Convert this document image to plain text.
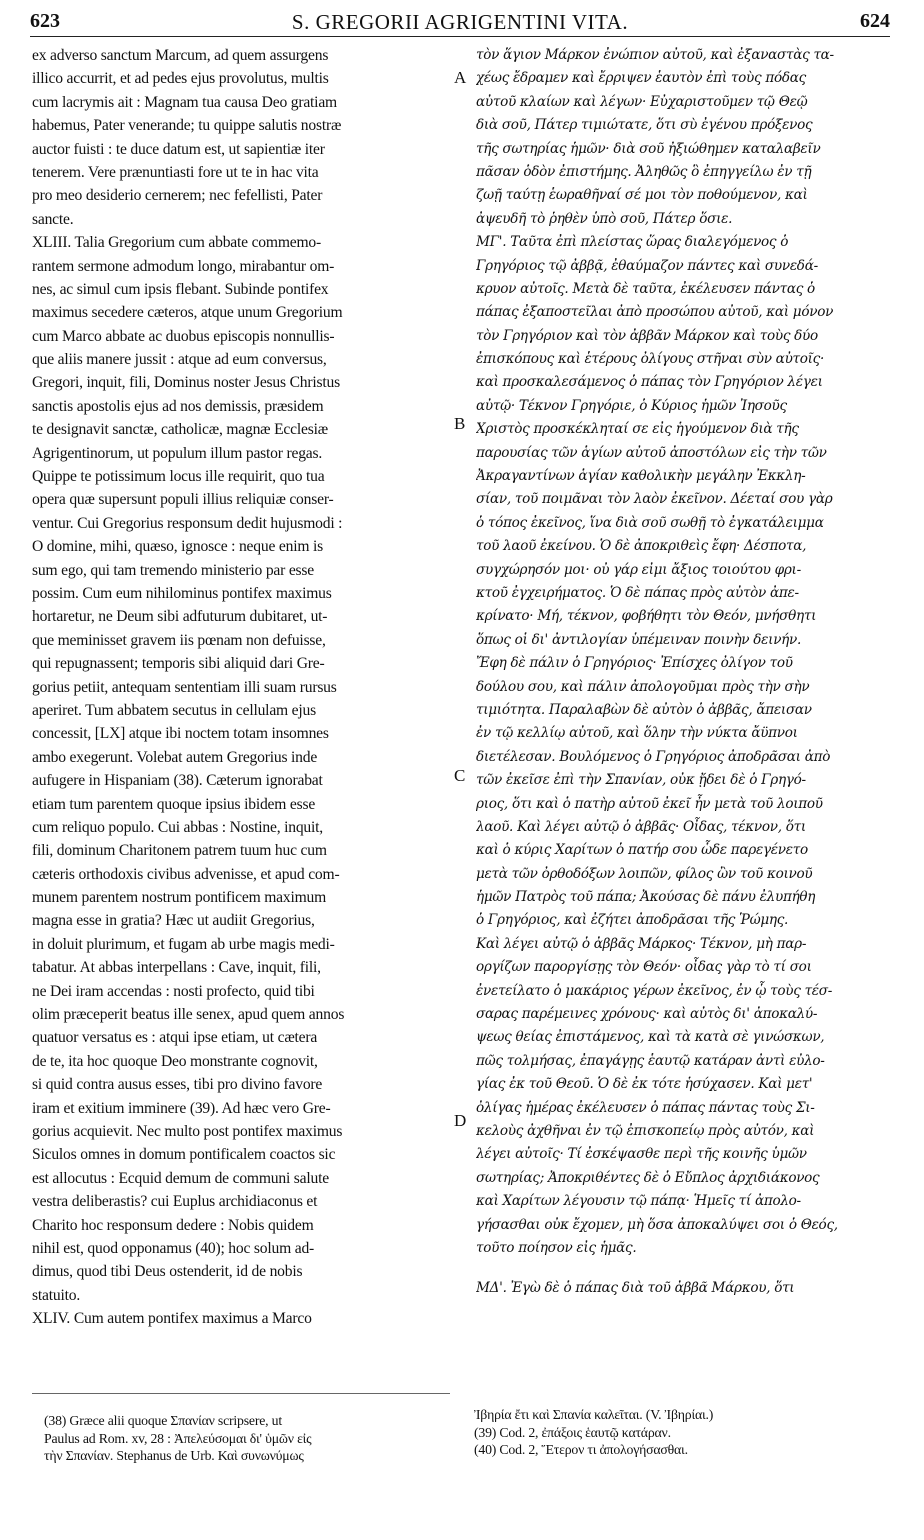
623	S. GREGORII AGRIGENTINI VITA.	624
ex adverso sanctum Marcum, ad quem assurgens
illico accurrit, et ad pedes ejus provolutus, multis
cum lacrymis ait : Magnam tua causa Deo gratiam
habemus, Pater venerande; tu quippe salutis nostræ
auctor fuisti : te duce datum est, ut sapientiæ iter
tenerem. Vere prænuntiasti fore ut te in hac vita
pro meo desiderio cernerem; nec fefellisti, Pater
sancte.
XLIII. Talia Gregorium cum abbate commemo-
rantem sermone admodum longo, mirabantur om-
nes, ac simul cum ipsis flebant. Subinde pontifex
maximus secedere cæteros, atque unum Gregorium
cum Marco abbate ac duobus episcopis nonnullis-
que aliis manere jussit : atque ad eum conversus,
Gregori, inquit, fili, Dominus noster Jesus Christus
sanctis apostolis ejus ad nos demissis, præsidem
te designavit sanctæ, catholicæ, magnæ Ecclesiæ
Agrigentinorum, ut populum illum pastor regas.
Quippe te potissimum locus ille requirit, quo tua
opera quæ supersunt populi illius reliquiæ conser-
ventur. Cui Gregorius responsum dedit hujusmodi :
O domine, mihi, quæso, ignosce : neque enim is
sum ego, qui tam tremendo ministerio par esse
possim. Cum eum nihilominus pontifex maximus
hortaretur, ne Deum sibi adfuturum dubitaret, ut-
que meminisset gravem iis pœnam non defuisse,
qui repugnassent; temporis sibi aliquid dari Gre-
gorius petiit, antequam sententiam illi suam rursus
aperiret. Tum abbatem secutus in cellulam ejus
concessit, [LX] atque ibi noctem totam insomnes
ambo exegerunt. Volebat autem Gregorius inde
aufugere in Hispaniam (38). Cæterum ignorabat
etiam tum parentem quoque ipsius ibidem esse
cum reliquo populo. Cui abbas : Nostine, inquit,
fili, dominum Charitonem patrem tuum huc cum
cæteris orthodoxis civibus advenisse, et apud com-
munem parentem nostrum pontificem maximum
magna esse in gratia? Hæc ut audiit Gregorius,
in doluit plurimum, et fugam ab urbe magis medi-
tabatur. At abbas interpellans : Cave, inquit, fili,
ne Dei iram accendas : nosti profecto, quid tibi
olim præceperit beatus ille senex, apud quem annos
quatuor versatus es : atqui ipse etiam, ut cætera
de te, ita hoc quoque Deo monstrante cognovit,
si quid contra ausus esses, tibi pro divino favore
iram et exitium imminere (39). Ad hæc vero Gre-
gorius acquievit. Nec multo post pontifex maximus
Siculos omnes in domum pontificalem coactos sic
est allocutus : Ecquid demum de communi salute
vestra deliberastis? cui Euplus archidiaconus et
Charito hoc responsum dedere : Nobis quidem
nihil est, quod opponamus (40); hoc solum ad-
dimus, quod tibi Deus ostenderit, id de nobis
statuito.
XLIV. Cum autem pontifex maximus a Marco
τὸν ἅγιον Μάρκον ἐνώπιον αὐτοῦ, καὶ ἐξαναστὰς τα-
χέως ἔδραμεν καὶ ἔρριψεν ἑαυτὸν ἐπὶ τοὺς πόδας
αὐτοῦ κλαίων καὶ λέγων· Εὐχαριστοῦμεν τῷ Θεῷ
διὰ σοῦ, Πάτερ τιμιώτατε, ὅτι σὺ ἐγένου πρόξενος
τῆς σωτηρίας ἡμῶν· διὰ σοῦ ἠξιώθημεν καταλαβεῖν
πᾶσαν ὁδὸν ἐπιστήμης. Ἀληθῶς ὃ ἐπηγγείλω ἐν τῇ
ζωῇ ταύτῃ ἑωραθῆναί σέ μοι τὸν ποθούμενον, καὶ
ἀψευδῆ τὸ ῥηθὲν ὑπὸ σοῦ, Πάτερ ὅσιε.
ΜΓ'. Ταῦτα ἐπὶ πλείστας ὥρας διαλεγόμενος ὁ
Γρηγόριος τῷ ἀββᾷ, ἐθαύμαζον πάντες καὶ συνεδά-
κρυον αὐτοῖς. Μετὰ δὲ ταῦτα, ἐκέλευσεν πάντας ὁ
πάπας ἐξαποστεῖλαι ἀπὸ προσώπου αὐτοῦ, καὶ μόνον
τὸν Γρηγόριον καὶ τὸν ἀββᾶν Μάρκον καὶ τοὺς δύο
ἐπισκόπους καὶ ἑτέρους ὀλίγους στῆναι σὺν αὐτοῖς·
καὶ προσκαλεσάμενος ὁ πάπας τὸν Γρηγόριον λέγει
αὐτῷ· Τέκνον Γρηγόριε, ὁ Κύριος ἡμῶν Ἰησοῦς
Χριστὸς προσκέκληταί σε εἰς ἡγούμενον διὰ τῆς
παρουσίας τῶν ἁγίων αὐτοῦ ἀποστόλων εἰς τὴν τῶν
Ἀκραγαντίνων ἁγίαν καθολικὴν μεγάλην Ἐκκλη-
σίαν, τοῦ ποιμᾶναι τὸν λαὸν ἐκεῖνον. Δέεταί σου γὰρ
ὁ τόπος ἐκεῖνος, ἵνα διὰ σοῦ σωθῇ τὸ ἐγκατάλειμμα
τοῦ λαοῦ ἐκείνου. Ὁ δὲ ἀποκριθεὶς ἔφη· Δέσποτα,
συγχώρησόν μοι· οὐ γάρ εἰμι ἄξιος τοιούτου φρι-
κτοῦ ἐγχειρήματος. Ὁ δὲ πάπας πρὸς αὐτὸν ἀπε-
κρίνατο· Μή, τέκνον, φοβήθητι τὸν Θεόν, μνήσθητι
ὅπως οἱ δι' ἀντιλογίαν ὑπέμειναν ποινὴν δεινήν.
Ἔφη δὲ πάλιν ὁ Γρηγόριος· Ἐπίσχες ὀλίγον τοῦ
δούλου σου, καὶ πάλιν ἀπολογοῦμαι πρὸς τὴν σὴν
τιμιότητα. Παραλαβὼν δὲ αὐτὸν ὁ ἀββᾶς, ἄπεισαν
ἐν τῷ κελλίῳ αὐτοῦ, καὶ ὅλην τὴν νύκτα ἄϋπνοι
διετέλεσαν. Βουλόμενος ὁ Γρηγόριος ἀποδρᾶσαι ἀπὸ
τῶν ἐκεῖσε ἐπὶ τὴν Σπανίαν, οὐκ ᾔδει δὲ ὁ Γρηγό-
ριος, ὅτι καὶ ὁ πατὴρ αὐτοῦ ἐκεῖ ἦν μετὰ τοῦ λοιποῦ
λαοῦ. Καὶ λέγει αὐτῷ ὁ ἀββᾶς· Οἶδας, τέκνον, ὅτι
καὶ ὁ κύρις Χαρίτων ὁ πατήρ σου ὧδε παρεγένετο
μετὰ τῶν ὀρθοδόξων λοιπῶν, φίλος ὢν τοῦ κοινοῦ
ἡμῶν Πατρὸς τοῦ πάπα; Ἀκούσας δὲ πάνυ ἐλυπήθη
ὁ Γρηγόριος, καὶ ἐζήτει ἀποδρᾶσαι τῆς Ῥώμης.
Καὶ λέγει αὐτῷ ὁ ἀββᾶς Μάρκος· Τέκνον, μὴ παρ-
οργίζων παροργίσῃς τὸν Θεόν· οἶδας γὰρ τὸ τί σοι
ἐνετείλατο ὁ μακάριος γέρων ἐκεῖνος, ἐν ᾧ τοὺς τέσ-
σαρας παρέμεινες χρόνους· καὶ αὐτὸς δι' ἀποκαλύ-
ψεως θείας ἐπιστάμενος, καὶ τὰ κατὰ σὲ γινώσκων,
πῶς τολμήσας, ἐπαγάγῃς ἑαυτῷ κατάραν ἀντὶ εὐλο-
γίας ἐκ τοῦ Θεοῦ. Ὁ δὲ ἐκ τότε ἡσύχασεν. Καὶ μετ'
ὀλίγας ἡμέρας ἐκέλευσεν ὁ πάπας πάντας τοὺς Σι-
κελοὺς ἀχθῆναι ἐν τῷ ἐπισκοπείῳ πρὸς αὐτόν, καὶ
λέγει αὐτοῖς· Τί ἐσκέψασθε περὶ τῆς κοινῆς ὑμῶν
σωτηρίας; Ἀποκριθέντες δὲ ὁ Εὔπλος ἀρχιδιάκονος
καὶ Χαρίτων λέγουσιν τῷ πάπᾳ· Ἡμεῖς τί ἀπολο-
γήσασθαι οὐκ ἔχομεν, μὴ ὅσα ἀποκαλύψει σοι ὁ Θεός,
τοῦτο ποίησον εἰς ἡμᾶς.
ΜΔ'. Ἐγὼ δὲ ὁ πάπας διὰ τοῦ ἀββᾶ Μάρκου, ὅτι
A
B
C
D
(38) Græce alii quoque Σπανίαν scripsere, ut
Paulus ad Rom. xv, 28 : Ἀπελεύσομαι δι' ὑμῶν εἰς
τὴν Σπανίαν. Stephanus de Urb. Καὶ συνωνύμως
Ἰβηρία ἔτι καὶ Σπανία καλεῖται. (V. Ἰβηρίαι.)
(39) Cod. 2, ἐπάξοις ἑαυτῷ κατάραν.
(40) Cod. 2, Ἕτερον τι ἀπολογήσασθαι.
